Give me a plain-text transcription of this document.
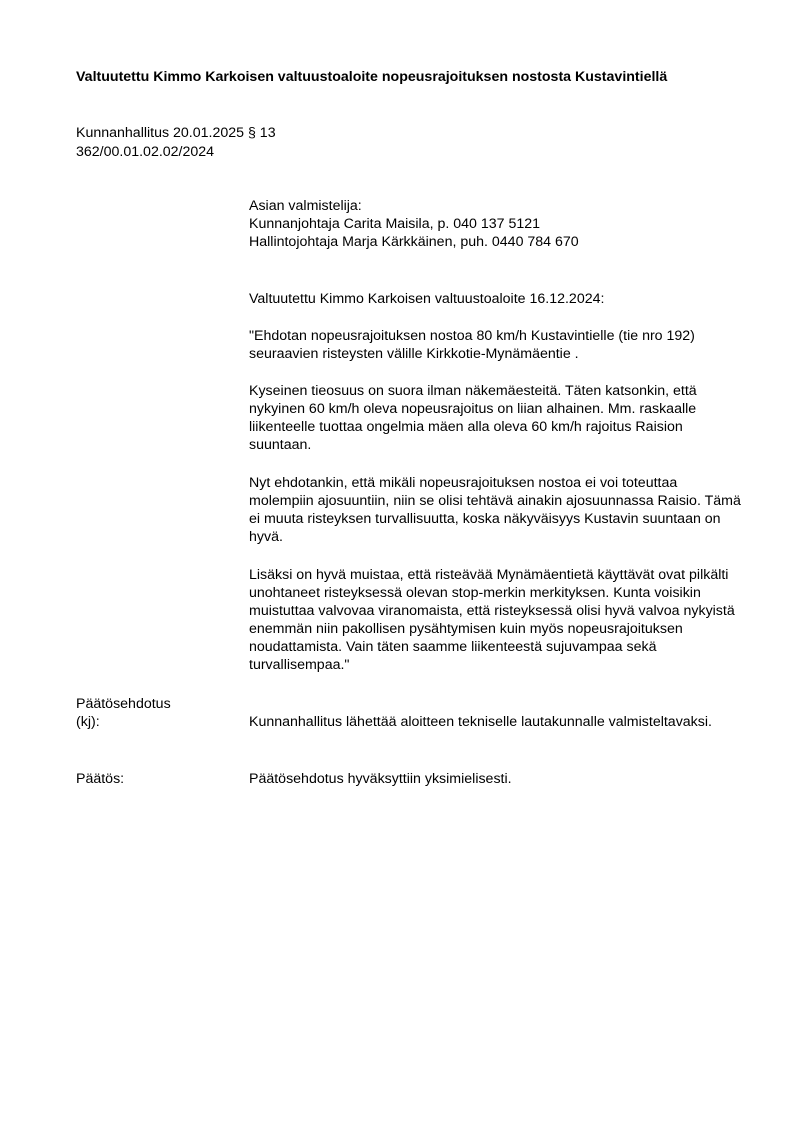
Valtuutettu Kimmo Karkoisen valtuustoaloite nopeusrajoituksen nostosta Kustavintiellä
Kunnanhallitus 20.01.2025 § 13
362/00.01.02.02/2024

Asian valmistelija:

Kunnanjohtaja Carita Maisila, p. 040 137 5121

Hallintojohtaja Marja Kärkkäinen, puh. 0440 784 670

Valtuutettu Kimmo Karkoisen valtuustoaloite 16.12.2024:
"Ehdotan nopeusrajoituksen nostoa 80 km/h Kustavintielle (tie nro 192) seuraavien risteysten välille Kirkkotie-Mynämäentie .
Kyseinen tieosuus on suora ilman näkemäesteitä. Täten katsonkin, että nykyinen 60 km/h oleva nopeusrajoitus on liian alhainen. Mm. raskaalle liikenteelle tuottaa ongelmia mäen alla oleva 60 km/h rajoitus Raision suuntaan.
Nyt ehdotankin, että mikäli nopeusrajoituksen nostoa ei voi toteuttaa molempiin ajosuuntiin, niin se olisi tehtävä ainakin ajosuunnassa Raisio. Tämä ei muuta risteyksen turvallisuutta, koska näkyväisyys Kustavin suuntaan on hyvä.
Lisäksi on hyvä muistaa, että risteävää Mynämäentietä käyttävät ovat pilkälti unohtaneet risteyksessä olevan stop-merkin merkityksen. Kunta voisikin muistuttaa valvovaa viranomaista, että risteyksessä olisi hyvä valvoa nykyistä enemmän niin pakollisen pysähtymisen kuin myös nopeusrajoituksen noudattamista. Vain täten saamme liikenteestä sujuvampaa sekä turvallisempaa."
Päätösehdotus
(kj):	Kunnanhallitus lähettää aloitteen tekniselle lautakunnalle valmisteltavaksi.
Päätös:	Päätösehdotus hyväksyttiin yksimielisesti.
